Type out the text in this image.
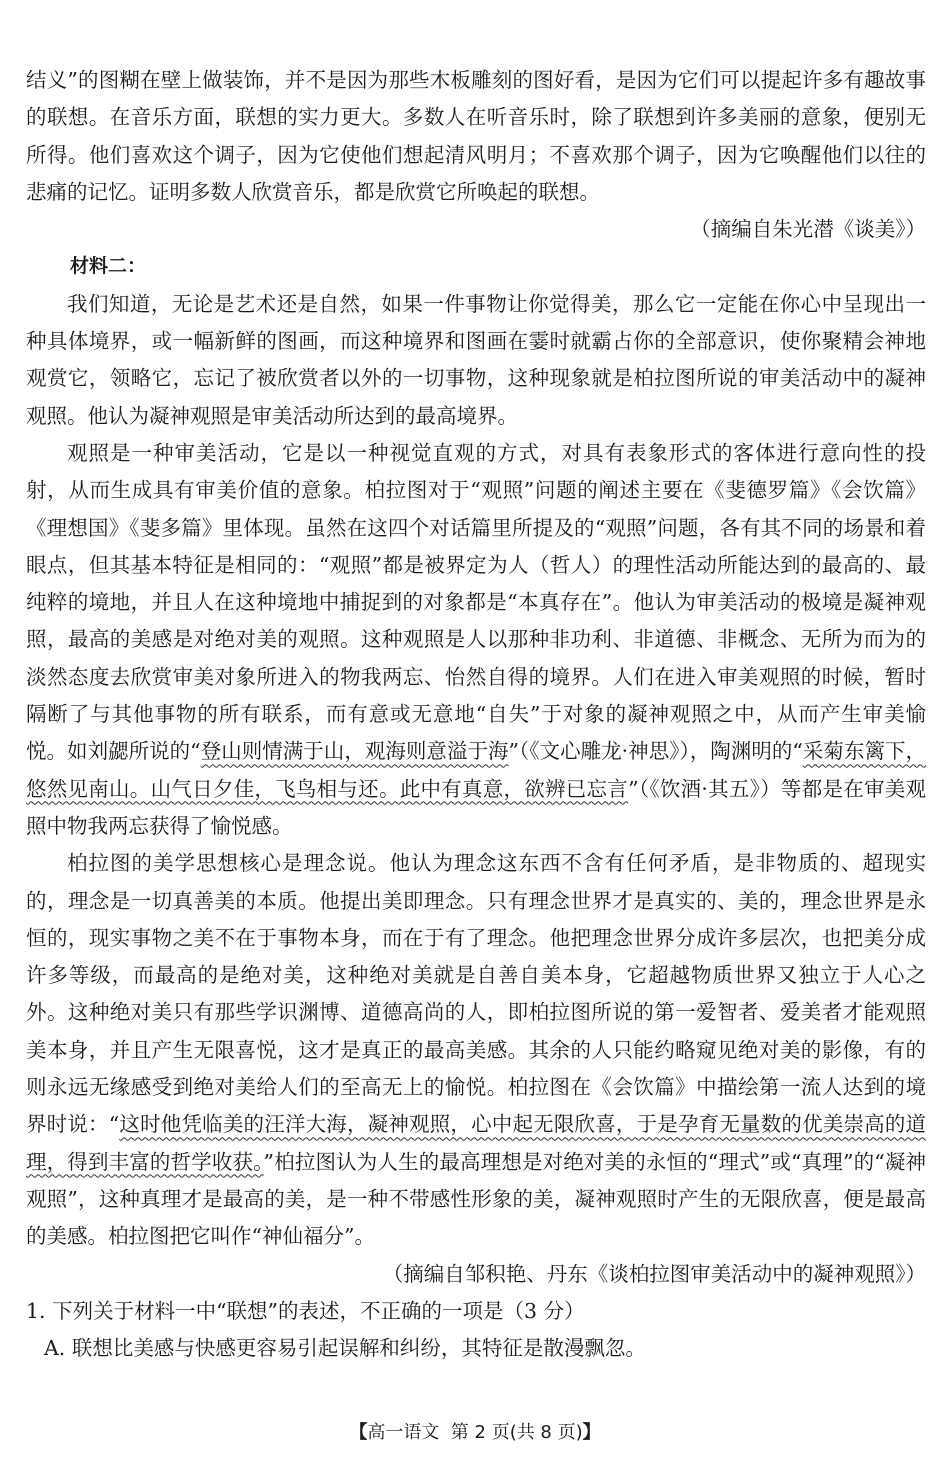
结义”的图糊在壁上做装饰，并不是因为那些木板雕刻的图好看，是因为它们可以提起许多有趣故事的联想。在音乐方面，联想的实力更大。多数人在听音乐时，除了联想到许多美丽的意象，便别无所得。他们喜欢这个调子，因为它使他们想起清风明月；不喜欢那个调子，因为它唤醒他们以往的悲痛的记忆。证明多数人欣赏音乐，都是欣赏它所唤起的联想。

（摘编自朱光潜《谈美》）

材料二：

我们知道，无论是艺术还是自然，如果一件事物让你觉得美，那么它一定能在你心中呈现出一种具体境界，或一幅新鲜的图画，而这种境界和图画在霎时就霸占你的全部意识，使你聚精会神地观赏它，领略它，忘记了被欣赏者以外的一切事物，这种现象就是柏拉图所说的审美活动中的凝神观照。他认为凝神观照是审美活动所达到的最高境界。

观照是一种审美活动，它是以一种视觉直观的方式，对具有表象形式的客体进行意向性的投射，从而生成具有审美价值的意象。柏拉图对于“观照”问题的阐述主要在《斐德罗篇》《会饮篇》《理想国》《斐多篇》里体现。虽然在这四个对话篇里所提及的“观照”问题，各有其不同的场景和着眼点，但其基本特征是相同的：“观照”都是被界定为人（哲人）的理性活动所能达到的最高的、最纯粹的境地，并且人在这种境地中捕捉到的对象都是“本真存在”。他认为审美活动的极境是凝神观照，最高的美感是对绝对美的观照。这种观照是人以那种非功利、非道德、非概念、无所为而为的淡然态度去欣赏审美对象所进入的物我两忘、怡然自得的境界。人们在进入审美观照的时候，暂时隔断了与其他事物的所有联系，而有意或无意地“自失”于对象的凝神观照之中，从而产生审美愉悦。如刘勰所说的“登山则情满于山，观海则意溢于海”（《文心雕龙·神思》），陶渊明的“采菊东篱下，悠然见南山。山气日夕佳，飞鸟相与还。此中有真意，欲辨已忘言”（《饮酒·其五》）等都是在审美观照中物我两忘获得了愉悦感。

柏拉图的美学思想核心是理念说。他认为理念这东西不含有任何矛盾，是非物质的、超现实的，理念是一切真善美的本质。他提出美即理念。只有理念世界才是真实的、美的，理念世界是永恒的，现实事物之美不在于事物本身，而在于有了理念。他把理念世界分成许多层次，也把美分成许多等级，而最高的是绝对美，这种绝对美就是自善自美本身，它超越物质世界又独立于人心之外。这种绝对美只有那些学识渊博、道德高尚的人，即柏拉图所说的第一爱智者、爱美者才能观照美本身，并且产生无限喜悦，这才是真正的最高美感。其余的人只能约略窥见绝对美的影像，有的则永远无缘感受到绝对美给人们的至高无上的愉悦。柏拉图在《会饮篇》中描绘第一流人达到的境界时说：“这时他凭临美的汪洋大海，凝神观照，心中起无限欣喜，于是孕育无量数的优美崇高的道理，得到丰富的哲学收获。”柏拉图认为人生的最高理想是对绝对美的永恒的“理式”或“真理”的“凝神观照”，这种真理才是最高的美，是一种不带感性形象的美，凝神观照时产生的无限欣喜，便是最高的美感。柏拉图把它叫作“神仙福分”。

（摘编自邹积艳、丹东《谈柏拉图审美活动中的凝神观照》）

1. 下列关于材料一中“联想”的表述，不正确的一项是（3 分）

A. 联想比美感与快感更容易引起误解和纠纷，其特征是散漫飘忽。

【高一语文 第 2 页(共 8 页)】
